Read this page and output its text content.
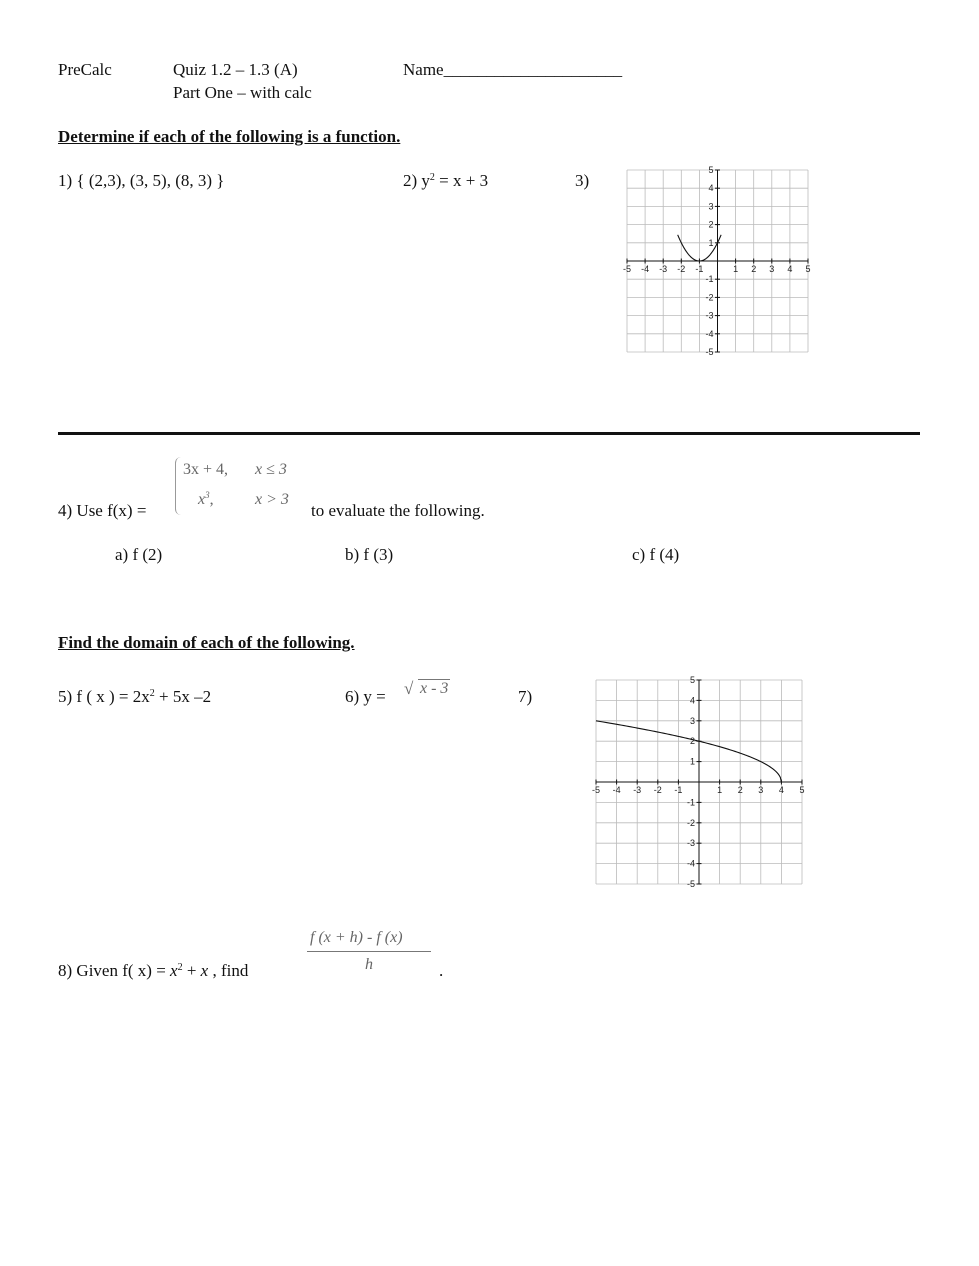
PreCalc	Quiz 1.2 – 1.3 (A)
Part One – with calc
Name_____________________
Determine if each of the following is a function.
1) { (2,3), (3, 5), (8, 3) }	2) $y^2 = x + 3$	3)
-5 -4 -3 -2 -1	1 2 3 4 5
5
4
3
2
1
-1
-2
-3
-4
-5
3x + 4, x ≤ 3
$x^3$,	x > 3
4) Use f(x) =	to evaluate the following.
a) f (2)	b) f (3)	c) f (4)
Find the domain of each of the following.
5) f ( x ) = $2x^2 + 5x$ –2	6) y = √ x - 3	7)
-5 -4 -3 -2 -1	1 2 3 4 5
5
4
3
2
1
-1
-2
-3
-4
-5
8) Given f( $x) = x^2 + x$ , find
f (x + h) - f (x)
h	.
